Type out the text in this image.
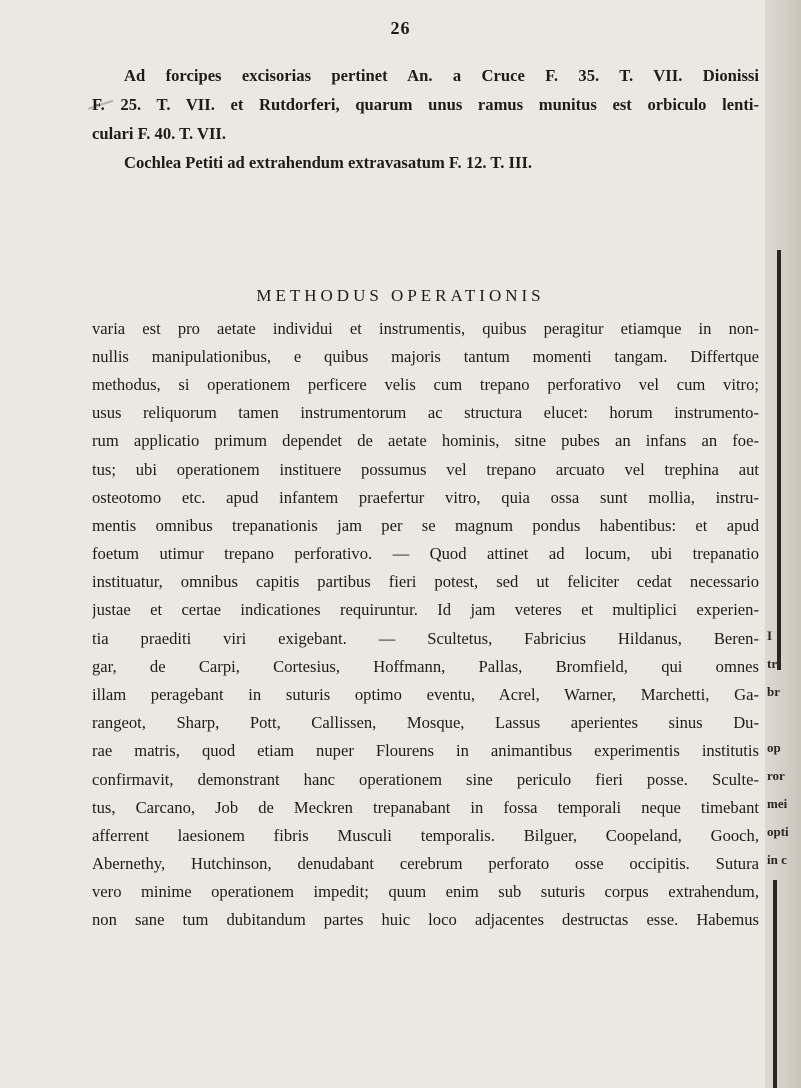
26
Ad forcipes excisorias pertinet An. a Cruce F. 35. T. VII. Dionissi
F. 25. T. VII. et Rutdorferi, quarum unus ramus munitus est orbiculo lenti-
culari F. 40. T. VII.
Cochlea Petiti ad extrahendum extravasatum F. 12. T. III.
METHODUS OPERATIONIS
varia est pro aetate individui et instrumentis, quibus peragitur etiamque in non-
nullis manipulationibus, e quibus majoris tantum momenti tangam. Differtque
methodus, si operationem perficere velis cum trepano perforativo vel cum vitro;
usus reliquorum tamen instrumentorum ac structura elucet: horum instrumento-
rum applicatio primum dependet de aetate hominis, sitne pubes an infans an foe-
tus; ubi operationem instituere possumus vel trepano arcuato vel trephina aut
osteotomo etc. apud infantem praefertur vitro, quia ossa sunt mollia, instru-
mentis omnibus trepanationis jam per se magnum pondus habentibus: et apud
foetum utimur trepano perforativo. — Quod attinet ad locum, ubi trepanatio
instituatur, omnibus capitis partibus fieri potest, sed ut feliciter cedat necessario
justae et certae indicationes requiruntur. Id jam veteres et multiplici experien-
tia praediti viri exigebant. — Scultetus, Fabricius Hildanus, Beren-
gar, de Carpi, Cortesius, Hoffmann, Pallas, Bromfield, qui omnes
illam peragebant in suturis optimo eventu, Acrel, Warner, Marchetti, Ga-
rangeot, Sharp, Pott, Callissen, Mosque, Lassus aperientes sinus Du-
rae matris, quod etiam nuper Flourens in animantibus experimentis institutis
confirmavit, demonstrant hanc operationem sine periculo fieri posse. Sculte-
tus, Carcano, Job de Meckren trepanabant in fossa temporali neque timebant
afferrent laesionem fibris Musculi temporalis. Bilguer, Coopeland, Gooch,
Abernethy, Hutchinson, denudabant cerebrum perforato osse occipitis. Sutura
vero minime operationem impedit; quum enim sub suturis corpus extrahendum,
non sane tum dubitandum partes huic loco adjacentes destructas esse. Habemus
I
tr
br
op
ror
mei
opti
in c
